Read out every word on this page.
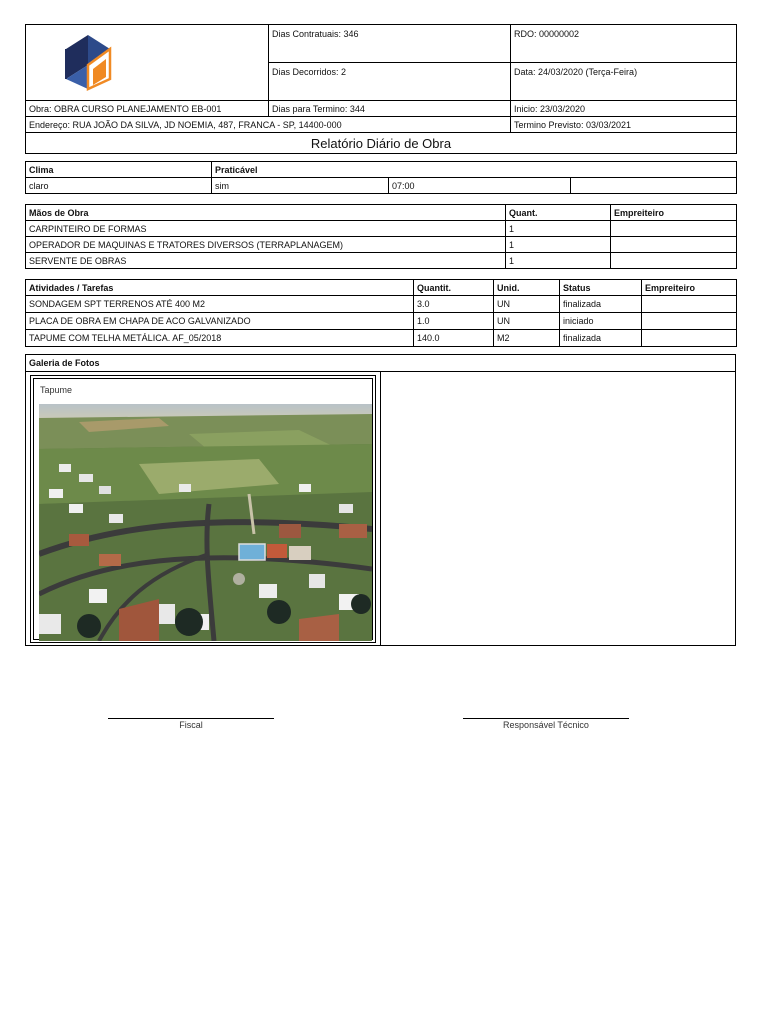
	Dias Contratuais: 346	RDO: 00000002
	Dias Decorridos: 2	Data: 24/03/2020 (Terça-Feira)
Obra: OBRA CURSO PLANEJAMENTO EB-001	Dias para Termino: 344	Inicio: 23/03/2020
Endereço: RUA JOÃO DA SILVA, JD NOEMIA, 487, FRANCA - SP, 14400-000		Termino Previsto: 03/03/2021
Relatório Diário de Obra		
Clima	Praticável		
claro	sim	07:00	
Mãos de Obra	Quant.	Empreiteiro
CARPINTEIRO DE FORMAS	1	
OPERADOR DE MAQUINAS E TRATORES DIVERSOS (TERRAPLANAGEM)	1	
SERVENTE DE OBRAS	1	
Atividades / Tarefas	Quantit.	Unid.	Status	Empreiteiro
SONDAGEM SPT TERRENOS ATÉ 400 M2	3.0	UN	finalizada	
PLACA DE OBRA EM CHAPA DE ACO GALVANIZADO	1.0	UN	iniciado	
TAPUME COM TELHA METÁLICA. AF_05/2018	140.0	M2	finalizada	
Galeria de Fotos
Tapume
Fiscal	Responsável Técnico
